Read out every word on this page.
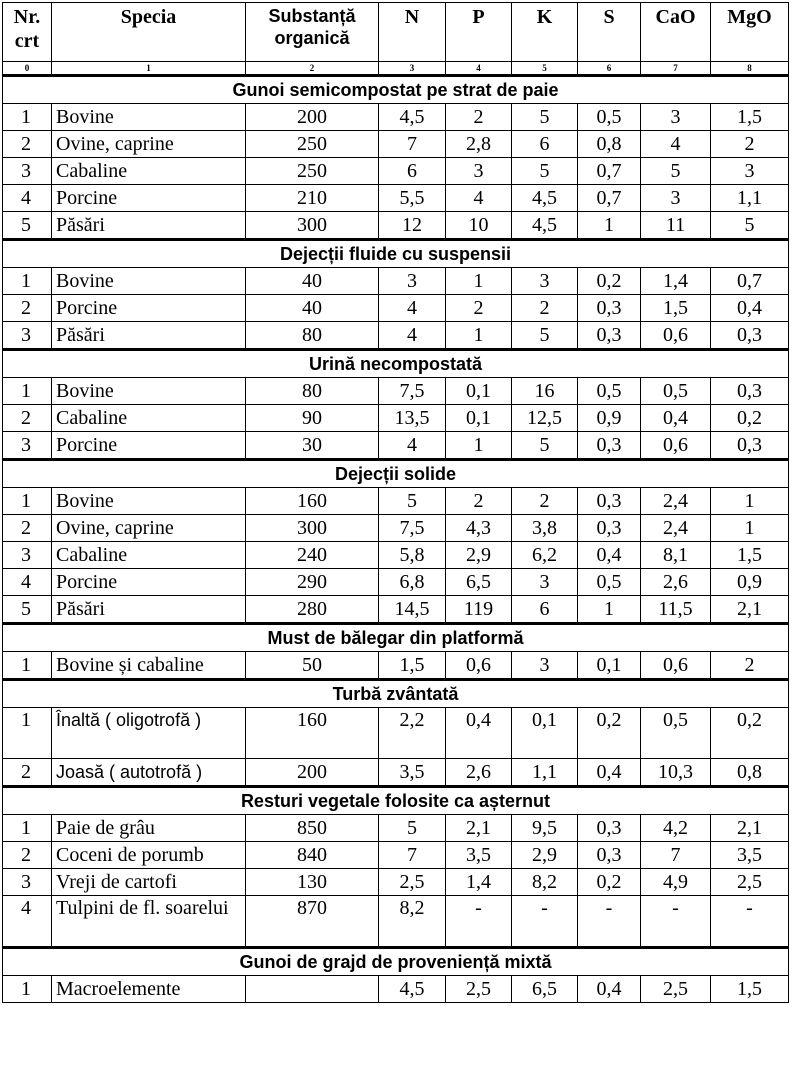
Nr. crt	Specia	Substanță organică	N	P	K	S	CaO	MgO
0	1	2	3	4	5	6	7	8
Gunoi semicompostat pe strat de paie								
1	Bovine	200	4,5	2	5	0,5	3	1,5
2	Ovine, caprine	250	7	2,8	6	0,8	4	2
3	Cabaline	250	6	3	5	0,7	5	3
4	Porcine	210	5,5	4	4,5	0,7	3	1,1
5	Păsări	300	12	10	4,5	1	11	5
Dejecții fluide cu suspensii								
1	Bovine	40	3	1	3	0,2	1,4	0,7
2	Porcine	40	4	2	2	0,3	1,5	0,4
3	Păsări	80	4	1	5	0,3	0,6	0,3
Urină necompostată								
1	Bovine	80	7,5	0,1	16	0,5	0,5	0,3
2	Cabaline	90	13,5	0,1	12,5	0,9	0,4	0,2
3	Porcine	30	4	1	5	0,3	0,6	0,3
Dejecții solide								
1	Bovine	160	5	2	2	0,3	2,4	1
2	Ovine, caprine	300	7,5	4,3	3,8	0,3	2,4	1
3	Cabaline	240	5,8	2,9	6,2	0,4	8,1	1,5
4	Porcine	290	6,8	6,5	3	0,5	2,6	0,9
5	Păsări	280	14,5	119	6	1	11,5	2,1
Must de bălegar din platformă								
1	Bovine și cabaline	50	1,5	0,6	3	0,1	0,6	2
Turbă zvântată								
1	Înaltă ( oligotrofă )	160	2,2	0,4	0,1	0,2	0,5	0,2
2	Joasă ( autotrofă )	200	3,5	2,6	1,1	0,4	10,3	0,8
Resturi vegetale folosite ca așternut								
1	Paie de grâu	850	5	2,1	9,5	0,3	4,2	2,1
2	Coceni de porumb	840	7	3,5	2,9	0,3	7	3,5
3	Vreji de cartofi	130	2,5	1,4	8,2	0,2	4,9	2,5
4	Tulpini de fl. soarelui	870	8,2	-	-	-	-	-
Gunoi de grajd de proveniență mixtă								
1	Macroelemente		4,5	2,5	6,5	0,4	2,5	1,5
